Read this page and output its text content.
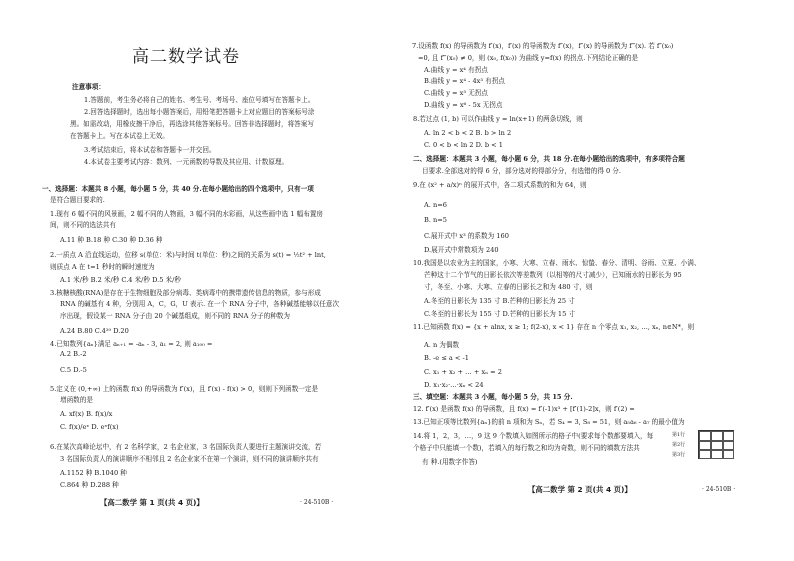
高二数学试卷
注意事项：
1.答题前，考生务必将自己的姓名、考生号、考场号、座位号填写在答题卡上。
2.回答选择题时，选出每小题答案后，用铅笔把答题卡上对应题目的答案标号涂
黑。如需改动，用橡皮擦干净后，再选涂其他答案标号。回答非选择题时，将答案写
在答题卡上。写在本试卷上无效。
3.考试结束后，将本试卷和答题卡一并交回。
4.本试卷主要考试内容：数列、一元函数的导数及其应用、计数原理。
一、选择题：本题共 8 小题，每小题 5 分，共 40 分.在每小题给出的四个选项中，只有一项
是符合题目要求的.
1.现有 6 幅不同的风景画，2 幅不同的人物画，3 幅不同的水彩画，从这些画中选 1 幅布置房
间，则不同的选法共有
A.11 种 B.18 种 C.30 种 D.36 种
2.一质点 A 沿直线运动，位移 s(单位：米)与时间 t(单位：秒)之间的关系为 s(t) = ½t² + lnt,
则质点 A 在 t=1 秒时的瞬时速度为
A.1 米/秒 B.2 米/秒 C.4 米/秒 D.5 米/秒
3.核糖核酸(RNA)是存在于生物细胞及部分病毒、类病毒中的携带遗传信息的物质，参与形成
RNA 的碱基有 4 种，分别用 A，C，G，U 表示. 在一个 RNA 分子中，各种碱基能够以任意次
序出现，假设某一 RNA 分子由 20 个碱基组成，则不同的 RNA 分子的种数为
A.24 B.80 C.4²⁰ D.20
4.已知数列{aₙ}满足 aₙ₊₁ = -aₙ - 3, a₁ = 2, 则 a₁₀₀ =
A.2 B.-2
C.5 D.-5
5.定义在 (0,+∞) 上的函数 f(x) 的导函数为 f′(x)，且 f′(x) - f(x) > 0，则则下列函数一定是
增函数的是
A. xf(x) B. f(x)/x
C. f(x)/eˣ D. eˣf(x)
6.在某次高峰论坛中，有 2 名科学家，2 名企业家，3 名国际负责人要进行主题演讲交流，若
3 名国际负责人的演讲顺序不相邻且 2 名企业家不在第一个演讲，则不同的演讲顺序共有
A.1152 种 B.1040 种
C.864 种 D.288 种
7.设函数 f(x) 的导函数为 f′(x)，f′(x) 的导函数为 f″(x)，f″(x) 的导函数为 f‴(x). 若 f″(x₀)
=0, 且 f‴(x₀) ≠ 0，则 (x₀, f(x₀)) 为曲线 y=f(x) 的拐点.下列结论正确的是
A.曲线 y = x⁴ 有拐点
B.曲线 y = x⁴ - 4x³ 有拐点
C.曲线 y = x³ 无拐点
D.曲线 y = x⁶ - 5x 无拐点
8.若过点 (1, b) 可以作曲线 y = ln(x+1) 的两条切线，则
A. ln 2 < b < 2 B. b > ln 2
C. 0 < b < ln 2 D. b < 1
二、选择题：本题共 3 小题，每小题 6 分，共 18 分.在每小题给出的选项中，有多项符合题
目要求.全部选对的得 6 分，部分选对的得部分分，有选错的得 0 分.
9.在 (x² + a/x)ⁿ 的展开式中，各二项式系数的和为 64，则
A. n=6
B. n=5
C.展开式中 x³ 的系数为 160
D.展开式中常数项为 240
10.我国是以农业为主的国家，小寒、大寒、立春、雨水、惊蛰、春分、清明、谷雨、立夏、小满、
芒种这十二个节气的日影长依次等差数列（以相等的尺寸减少），已知雨水的日影长为 95
寸，冬至、小寒、大寒、立春的日影长之和为 480 寸，则
A.冬至的日影长为 135 寸 B.芒种的日影长为 25 寸
C.冬至的日影长为 155 寸 D.芒种的日影长为 15 寸
11.已知函数 f(x) = {x + alnx, x ≥ 1; f(2-x), x < 1} 存在 n 个零点 x₁, x₂, …, xₙ, n∈N*，则
A. n 为偶数
B. -e ≤ a < -1
C. x₁ + x₂ + … + xₙ = 2
D. x₁·x₂·…·xₙ < 24
三、填空题：本题共 3 小题，每小题 5 分，共 15 分.
12. f′(x) 是函数 f(x) 的导函数，且 f(x) = f′(-1)x³ + [f′(1)-2]x，则 f′(2) =
13.已知正项等比数列{aₙ}的前 n 项和为 Sₙ，若 S₄ = 3, S₈ = 51，则 a₅a₆ - a₇ 的最小值为
14.将 1，2，3，…，9 这 9 个数填入如图所示的格子中(要求每个数都要填入，每
个格子中只能填一个数)，若填入的每行数之和均为奇数，则不同的填数方法共
有 种.(用数字作答)
第1行
第2行
第3行
【高二数学 第 1 页(共 4 页)】	· 24-510B ·
【高二数学 第 2 页(共 4 页)】	· 24-510B ·
